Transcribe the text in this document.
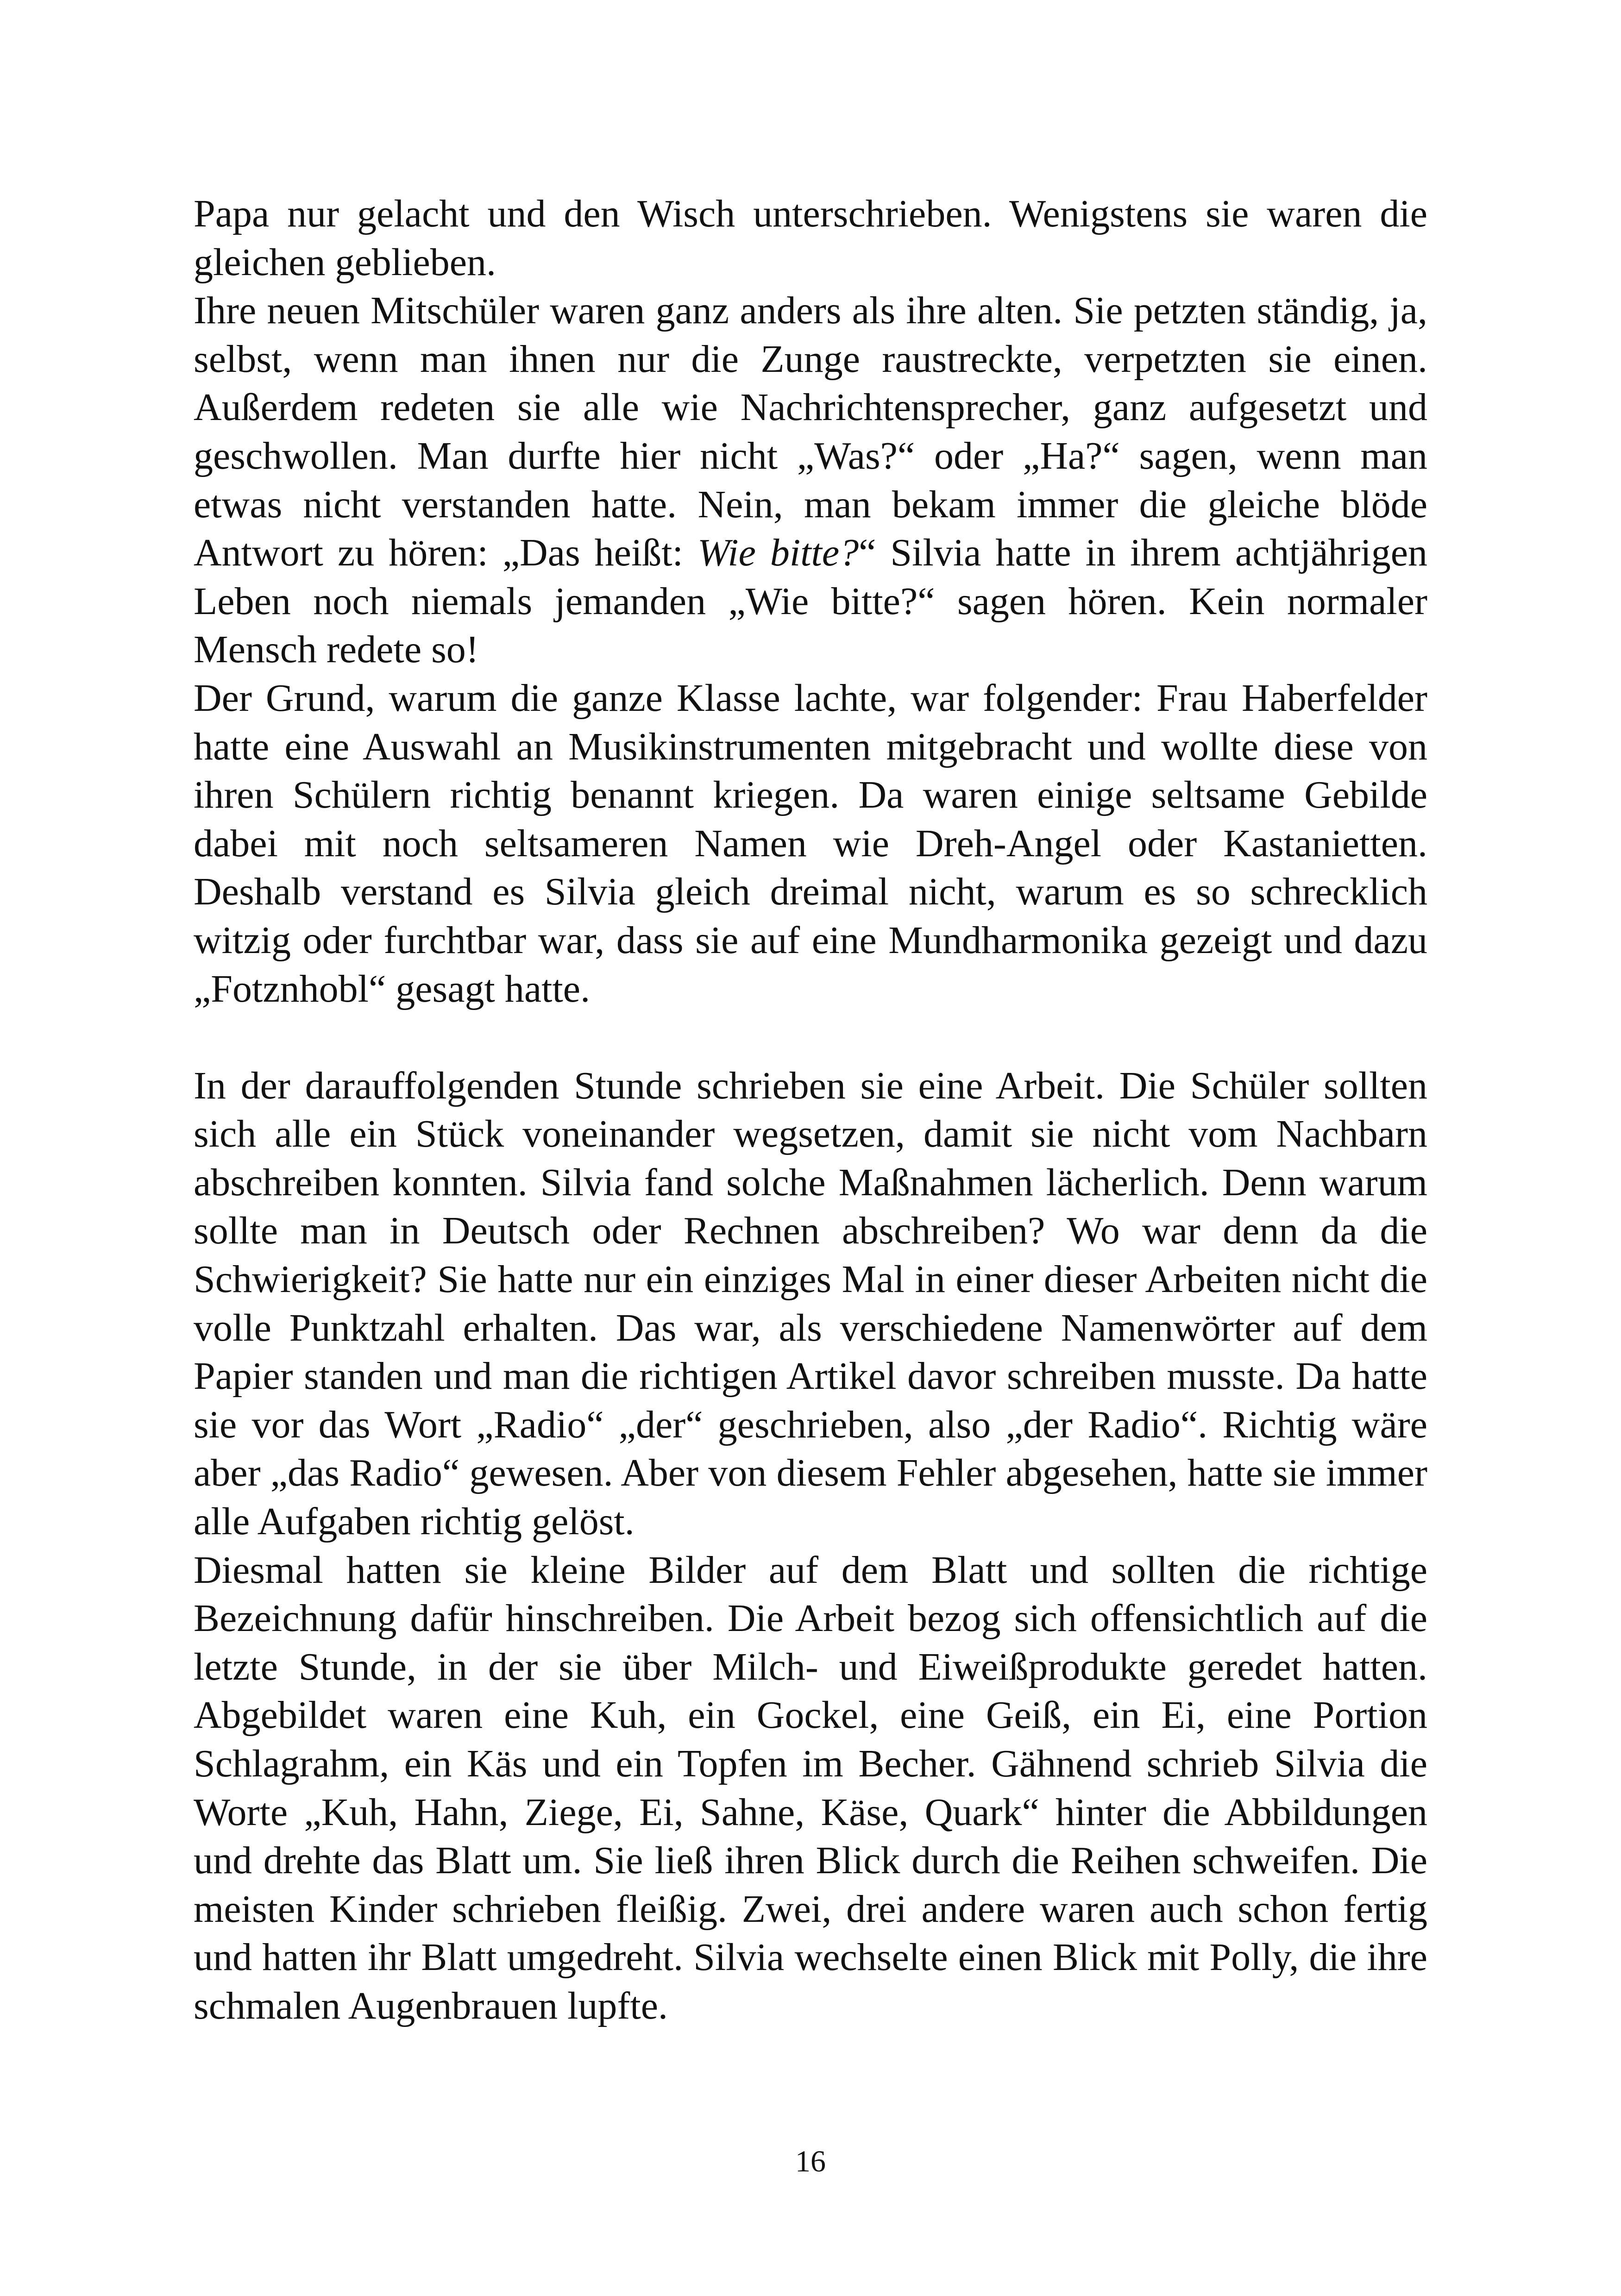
Papa nur gelacht und den Wisch unterschrieben. Wenigstens sie waren die gleichen geblieben.

Ihre neuen Mitschüler waren ganz anders als ihre alten. Sie petzten ständig, ja, selbst, wenn man ihnen nur die Zunge raustreckte, verpetzten sie einen. Außerdem redeten sie alle wie Nachrichtensprecher, ganz aufgesetzt und geschwollen. Man durfte hier nicht „Was?“ oder „Ha?“ sagen, wenn man etwas nicht verstanden hatte. Nein, man bekam immer die gleiche blöde Antwort zu hören: „Das heißt: Wie bitte?“ Silvia hatte in ihrem achtjährigen Leben noch niemals jemanden „Wie bitte?“ sagen hören. Kein normaler Mensch redete so!

Der Grund, warum die ganze Klasse lachte, war folgender: Frau Haberfelder hatte eine Auswahl an Musikinstrumenten mitgebracht und wollte diese von ihren Schülern richtig benannt kriegen. Da waren einige seltsame Gebilde dabei mit noch seltsameren Namen wie Dreh-Angel oder Kastanietten. Deshalb verstand es Silvia gleich dreimal nicht, warum es so schrecklich witzig oder furchtbar war, dass sie auf eine Mundharmonika gezeigt und dazu „Fotznhobl“ gesagt hatte.

In der darauffolgenden Stunde schrieben sie eine Arbeit. Die Schüler sollten sich alle ein Stück voneinander wegsetzen, damit sie nicht vom Nachbarn abschreiben konnten. Silvia fand solche Maßnahmen lächerlich. Denn warum sollte man in Deutsch oder Rechnen abschreiben? Wo war denn da die Schwierigkeit? Sie hatte nur ein einziges Mal in einer dieser Arbeiten nicht die volle Punktzahl erhalten. Das war, als verschiedene Namenwörter auf dem Papier standen und man die richtigen Artikel davor schreiben musste. Da hatte sie vor das Wort „Radio“ „der“ geschrieben, also „der Radio“. Richtig wäre aber „das Radio“ gewesen. Aber von diesem Fehler abgesehen, hatte sie immer alle Aufgaben richtig gelöst.

Diesmal hatten sie kleine Bilder auf dem Blatt und sollten die richtige Bezeichnung dafür hinschreiben. Die Arbeit bezog sich offensichtlich auf die letzte Stunde, in der sie über Milch- und Eiweißprodukte geredet hatten. Abgebildet waren eine Kuh, ein Gockel, eine Geiß, ein Ei, eine Portion Schlagrahm, ein Käs und ein Topfen im Becher. Gähnend schrieb Silvia die Worte „Kuh, Hahn, Ziege, Ei, Sahne, Käse, Quark“ hinter die Abbildungen und drehte das Blatt um. Sie ließ ihren Blick durch die Reihen schweifen. Die meisten Kinder schrieben fleißig. Zwei, drei andere waren auch schon fertig und hatten ihr Blatt umgedreht. Silvia wechselte einen Blick mit Polly, die ihre schmalen Augenbrauen lupfte.

16
